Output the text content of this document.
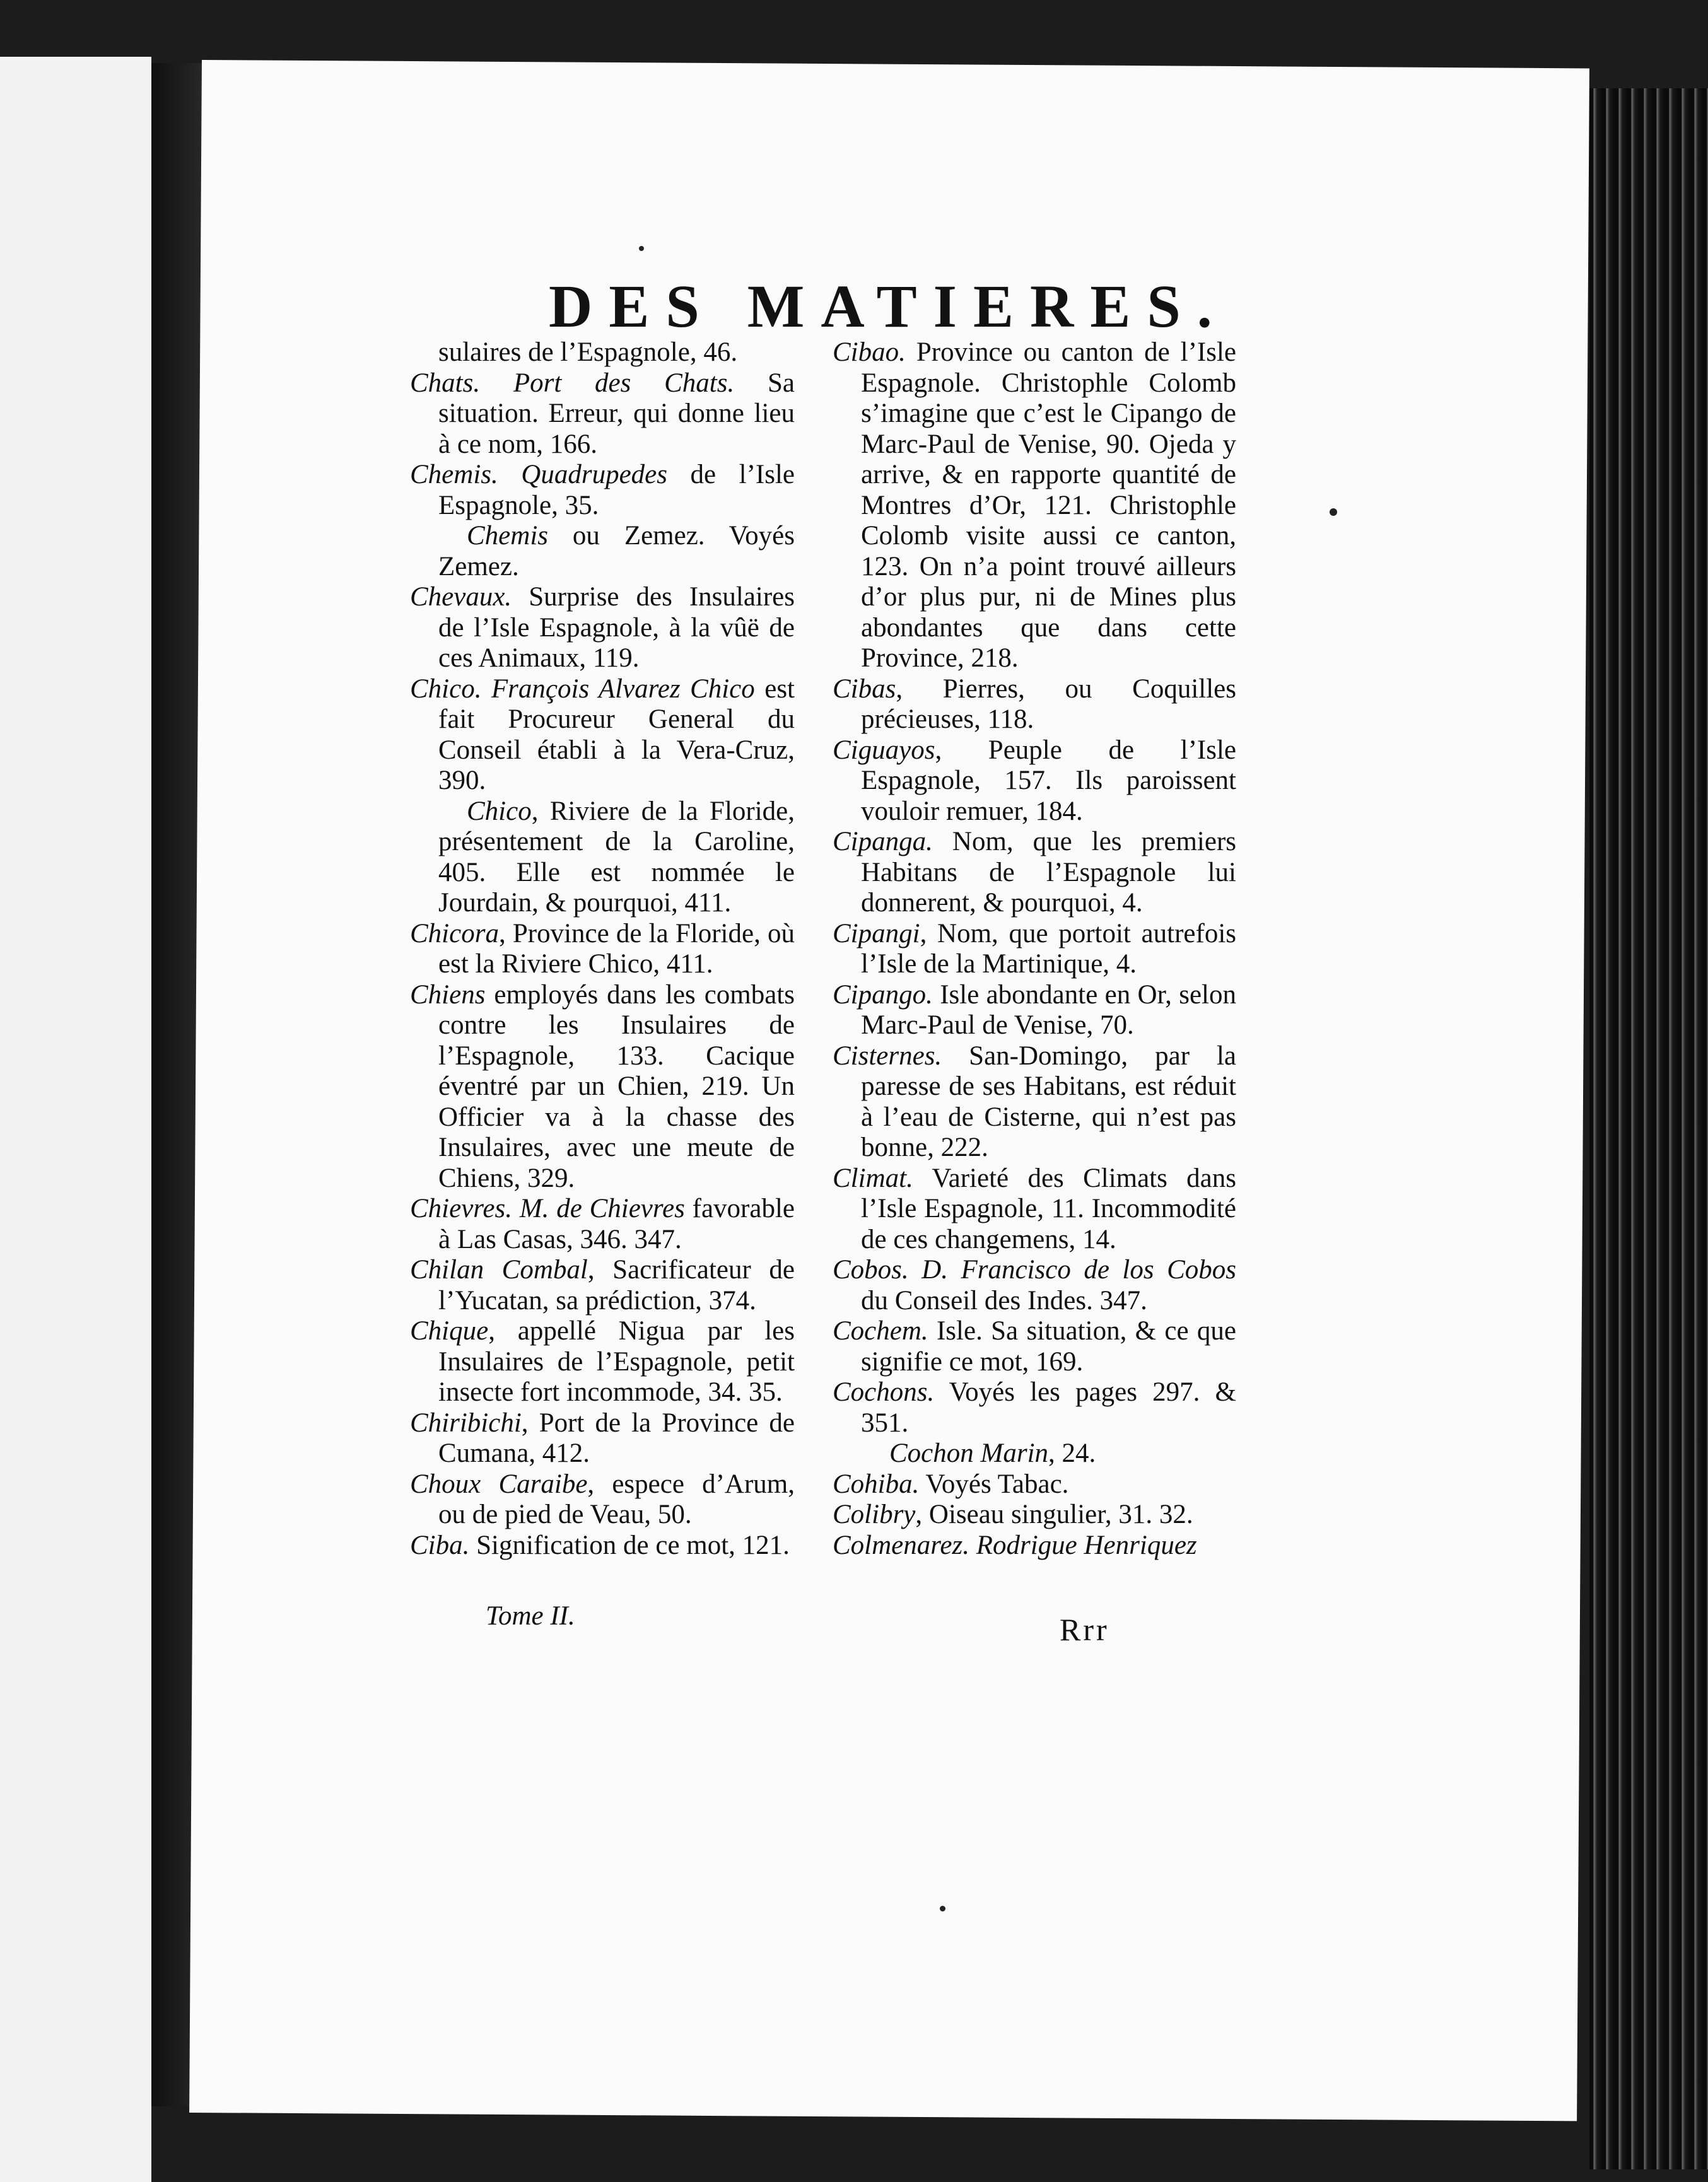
DES MATIERES.
sulaires de l’Espagnole, 46.
Chats. Port des Chats. Sa situation. Erreur, qui donne lieu à ce nom, 166.
Chemis. Quadrupedes de l’Isle Espagnole, 35.
Chemis ou Zemez. Voyés Zemez.
Chevaux. Surprise des Insulaires de l’Isle Espagnole, à la vûë de ces Animaux, 119.
Chico. François Alvarez Chico est fait Procureur General du Conseil établi à la Vera-Cruz, 390.
Chico, Riviere de la Floride, présentement de la Caroline, 405. Elle est nommée le Jourdain, & pourquoi, 411.
Chicora, Province de la Floride, où est la Riviere Chico, 411.
Chiens employés dans les combats contre les Insulaires de l’Espagnole, 133. Cacique éventré par un Chien, 219. Un Officier va à la chasse des Insulaires, avec une meute de Chiens, 329.
Chievres. M. de Chievres favorable à Las Casas, 346. 347.
Chilan Combal, Sacrificateur de l’Yucatan, sa prédiction, 374.
Chique, appellé Nigua par les Insulaires de l’Espagnole, petit insecte fort incommode, 34. 35.
Chiribichi, Port de la Province de Cumana, 412.
Choux Caraibe, espece d’Arum, ou de pied de Veau, 50.
Ciba. Signification de ce mot, 121.
Cibao. Province ou canton de l’Isle Espagnole. Christophle Colomb s’imagine que c’est le Cipango de Marc-Paul de Venise, 90. Ojeda y arrive, & en rapporte quantité de Montres d’Or, 121. Christophle Colomb visite aussi ce canton, 123. On n’a point trouvé ailleurs d’or plus pur, ni de Mines plus abondantes que dans cette Province, 218.
Cibas, Pierres, ou Coquilles précieuses, 118.
Ciguayos, Peuple de l’Isle Espagnole, 157. Ils paroissent vouloir remuer, 184.
Cipanga. Nom, que les premiers Habitans de l’Espagnole lui donnerent, & pourquoi, 4.
Cipangi, Nom, que portoit autrefois l’Isle de la Martinique, 4.
Cipango. Isle abondante en Or, selon Marc-Paul de Venise, 70.
Cisternes. San-Domingo, par la paresse de ses Habitans, est réduit à l’eau de Cisterne, qui n’est pas bonne, 222.
Climat. Varieté des Climats dans l’Isle Espagnole, 11. Incommodité de ces changemens, 14.
Cobos. D. Francisco de los Cobos du Conseil des Indes. 347.
Cochem. Isle. Sa situation, & ce que signifie ce mot, 169.
Cochons. Voyés les pages 297. & 351.
Cochon Marin, 24.
Cohiba. Voyés Tabac.
Colibry, Oiseau singulier, 31. 32.
Colmenarez. Rodrigue Henriquez
Tome II.	Rrr
